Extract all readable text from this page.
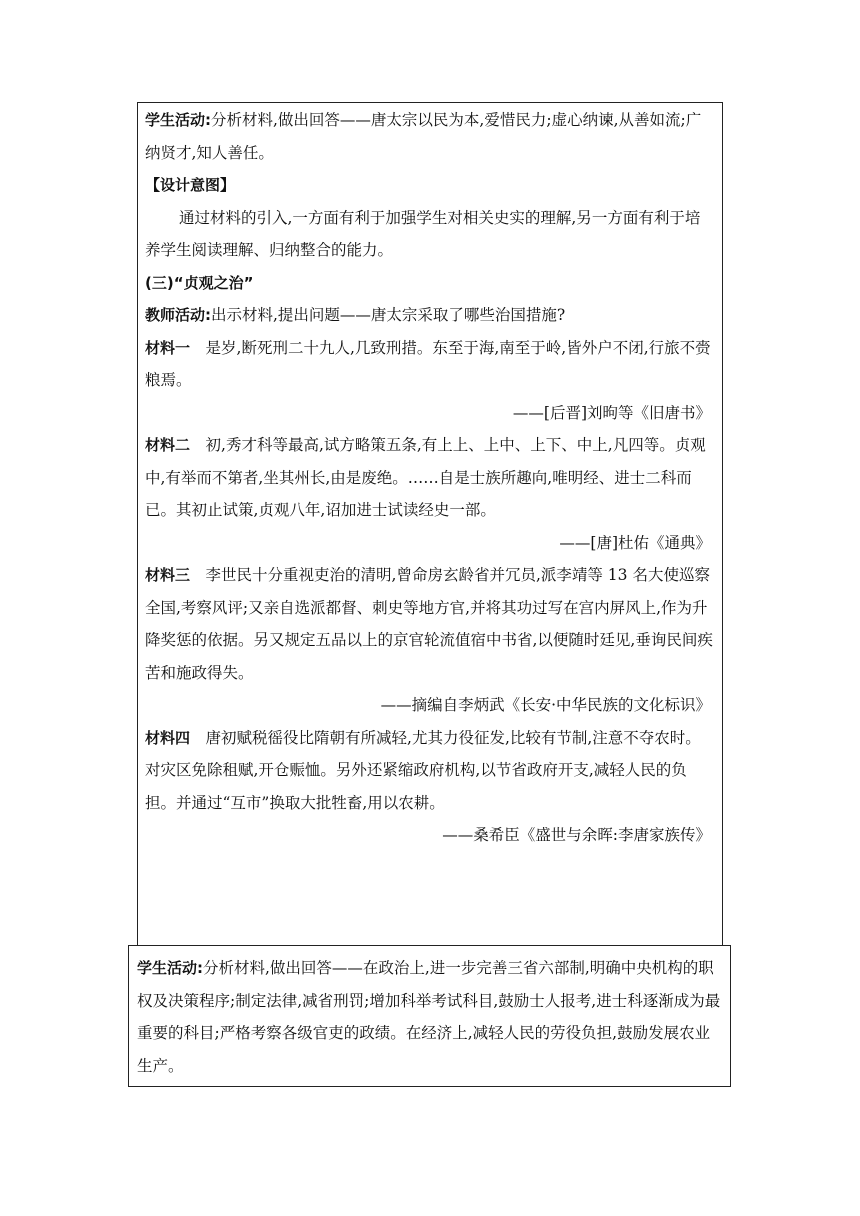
学生活动:分析材料,做出回答——唐太宗以民为本,爱惜民力;虚心纳谏,从善如流;广纳贤才,知人善任。

【设计意图】

通过材料的引入,一方面有利于加强学生对相关史实的理解,另一方面有利于培养学生阅读理解、归纳整合的能力。

(三)“贞观之治”

教师活动:出示材料,提出问题——唐太宗采取了哪些治国措施?

材料一  是岁,断死刑二十九人,几致刑措。东至于海,南至于岭,皆外户不闭,行旅不赍粮焉。

——[后晋]刘昫等《旧唐书》

材料二  初,秀才科等最高,试方略策五条,有上上、上中、上下、中上,凡四等。贞观中,有举而不第者,坐其州长,由是废绝。……自是士族所趣向,唯明经、进士二科而已。其初止试策,贞观八年,诏加进士试读经史一部。

——[唐]杜佑《通典》

材料三  李世民十分重视吏治的清明,曾命房玄龄省并冗员,派李靖等 13 名大使巡察全国,考察风评;又亲自选派都督、刺史等地方官,并将其功过写在宫内屏风上,作为升降奖惩的依据。另又规定五品以上的京官轮流值宿中书省,以便随时廷见,垂询民间疾苦和施政得失。

——摘编自李炳武《长安·中华民族的文化标识》

材料四  唐初赋税徭役比隋朝有所减轻,尤其力役征发,比较有节制,注意不夺农时。对灾区免除租赋,开仓赈恤。另外还紧缩政府机构,以节省政府开支,减轻人民的负担。并通过“互市”换取大批牲畜,用以农耕。

——桑希臣《盛世与余晖:李唐家族传》

学生活动:分析材料,做出回答——在政治上,进一步完善三省六部制,明确中央机构的职权及决策程序;制定法律,减省刑罚;增加科举考试科目,鼓励士人报考,进士科逐渐成为最重要的科目;严格考察各级官吏的政绩。在经济上,减轻人民的劳役负担,鼓励发展农业生产。
